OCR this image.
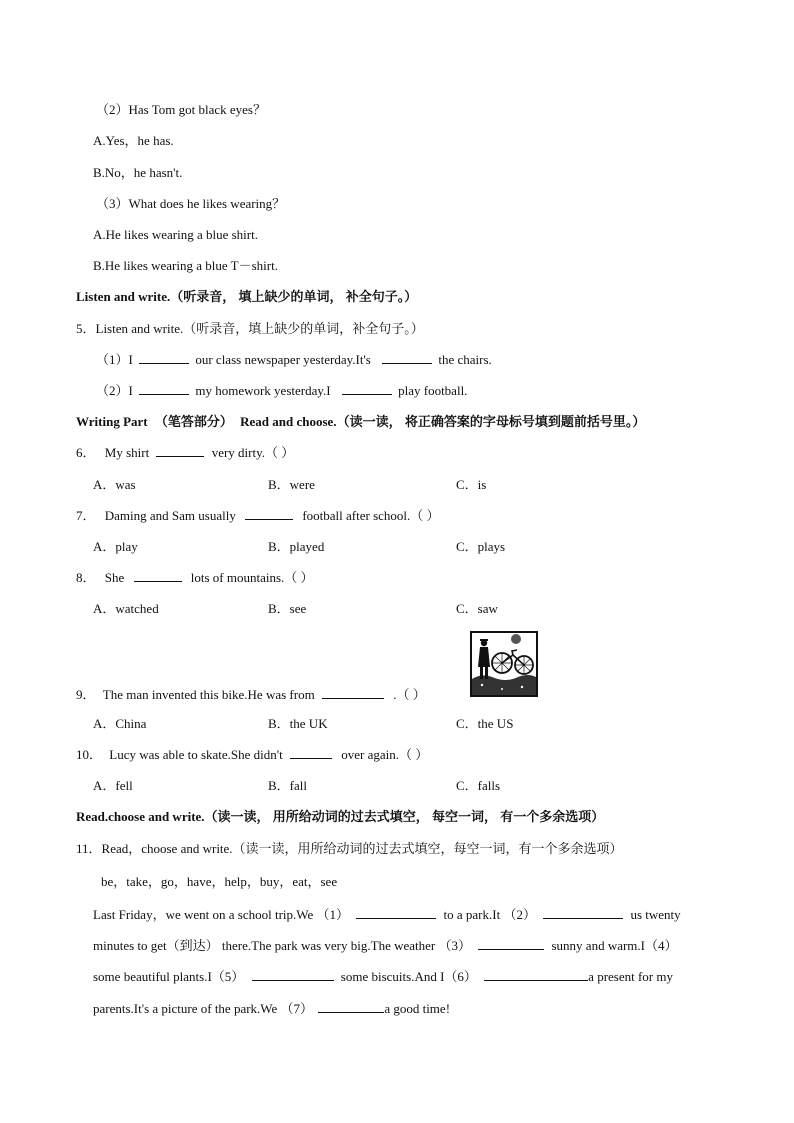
（2）Has Tom got black eyes？
A.Yes，he has.
B.No，he hasn't.
（3）What does he likes wearing？
A.He likes wearing a blue shirt.
B.He likes wearing a blue T－shirt.
Listen and write.（听录音， 填上缺少的单词， 补全句子。）
5．Listen and write.（听录音，填上缺少的单词，补全句子。）
（1）I	our class newspaper yesterday.It's	the chairs.
（2）I	my homework yesterday.I	play football.
Writing Part （笔答部分） Read and choose.（读一读， 将正确答案的字母标号填到题前括号里。）
6． My shirt	very dirty.（ ）
A．was	B．were	C．is
7． Daming and Sam usually	football after school.（ ）
A．play	B．played	C．plays
8． She	lots of mountains.（ ）
A．watched	B．see	C．saw
9． The man invented this bike.He was from	.（ ）
A．China	B．the UK	C．the US
10． Lucy was able to skate.She didn't	over again.（ ）
A．fell	B．fall	C．falls
Read.choose and write.（读一读， 用所给动词的过去式填空， 每空一词， 有一个多余选项）
11．Read，choose and write.（读一读，用所给动词的过去式填空，每空一词，有一个多余选项）
be，take，go，have，help，buy，eat，see
Last Friday，we went on a school trip.We （1）	to a park.It （2）	us twenty
minutes to get（到达） there.The park was very big.The weather （3）	sunny and warm.I（4）
some beautiful plants.I（5）	some biscuits.And I（6）	a present for my
parents.It's a picture of the park.We （7）	a good time!
